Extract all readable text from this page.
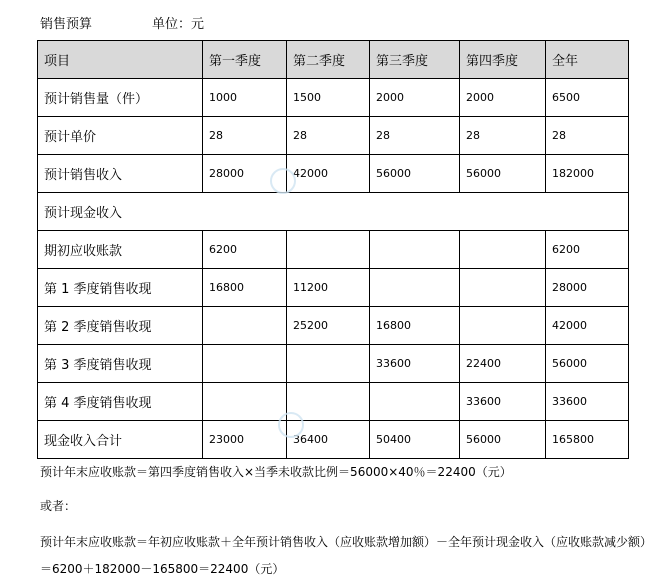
销售预算	单位：元
项目	第一季度	第二季度	第三季度	第四季度	全年
预计销售量（件）	1000	1500	2000	2000	6500
预计单价	28	28	28	28	28
预计销售收入	28000	42000	56000	56000	182000
预计现金收入					
期初应收账款	6200				6200
第 1 季度销售收现	16800	11200			28000
第 2 季度销售收现		25200	16800		42000
第 3 季度销售收现			33600	22400	56000
第 4 季度销售收现				33600	33600
现金收入合计	23000	36400	50400	56000	165800

预计年末应收账款＝第四季度销售收入×当季未收款比例＝56000×40％＝22400（元）

或者：

预计年末应收账款＝年初应收账款＋全年预计销售收入（应收账款增加额）－全年预计现金收入（应收账款减少额）＝6200＋182000－165800＝22400（元）
